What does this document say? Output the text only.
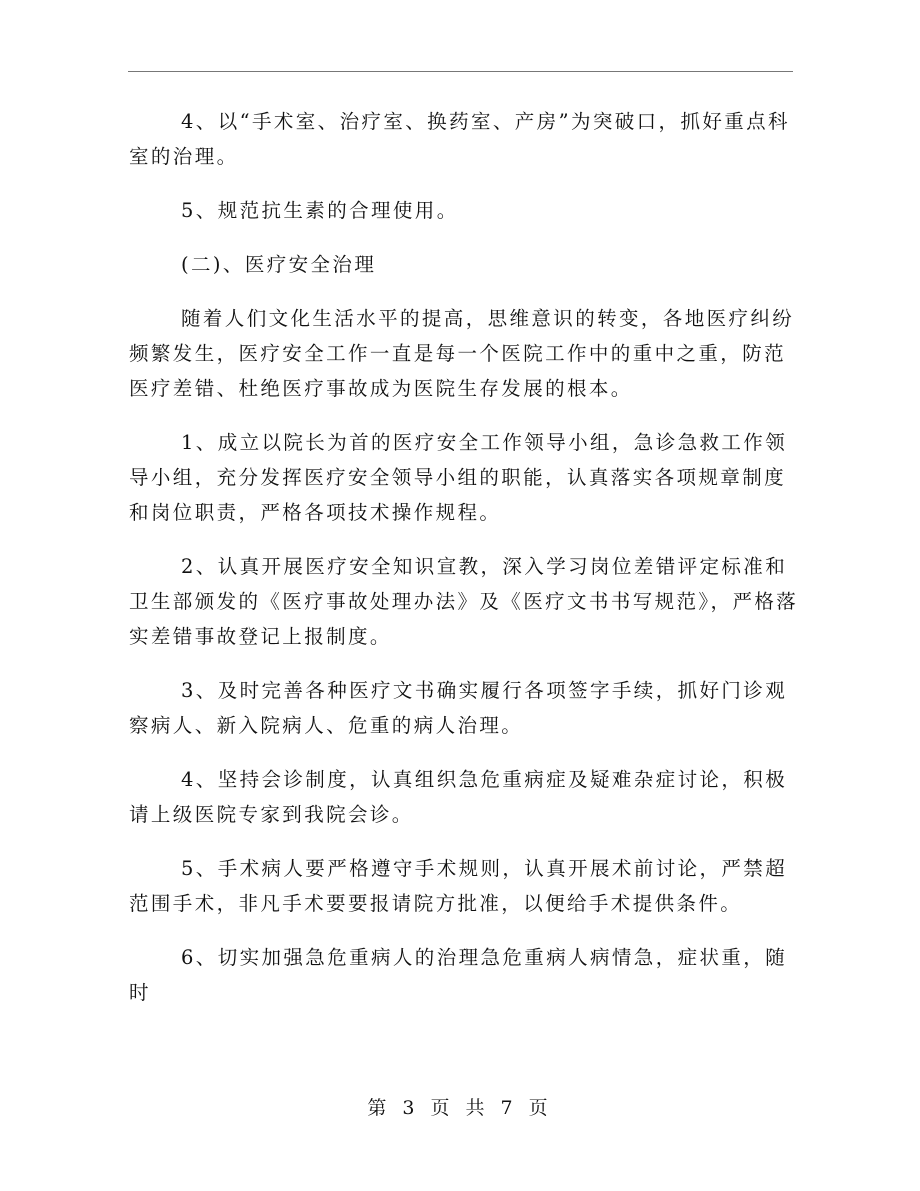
4、以“手术室、治疗室、换药室、产房”为突破口，抓好重点科室的治理。

5、规范抗生素的合理使用。

(二)、医疗安全治理

随着人们文化生活水平的提高，思维意识的转变，各地医疗纠纷频繁发生，医疗安全工作一直是每一个医院工作中的重中之重，防范医疗差错、杜绝医疗事故成为医院生存发展的根本。

1、成立以院长为首的医疗安全工作领导小组，急诊急救工作领导小组，充分发挥医疗安全领导小组的职能，认真落实各项规章制度和岗位职责，严格各项技术操作规程。

2、认真开展医疗安全知识宣教，深入学习岗位差错评定标准和卫生部颁发的《医疗事故处理办法》及《医疗文书书写规范》，严格落实差错事故登记上报制度。

3、及时完善各种医疗文书确实履行各项签字手续，抓好门诊观察病人、新入院病人、危重的病人治理。

4、坚持会诊制度，认真组织急危重病症及疑难杂症讨论，积极请上级医院专家到我院会诊。

5、手术病人要严格遵守手术规则，认真开展术前讨论，严禁超范围手术，非凡手术要要报请院方批准，以便给手术提供条件。

6、切实加强急危重病人的治理急危重病人病情急，症状重，随时

第 3 页 共 7 页
